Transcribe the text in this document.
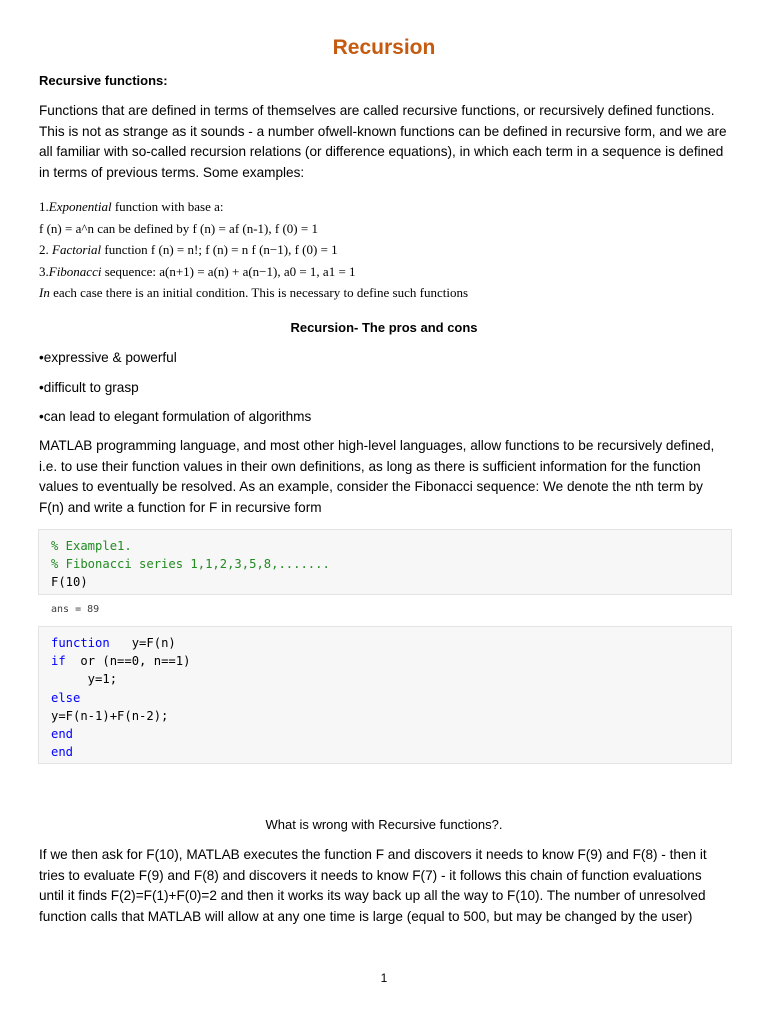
Recursion

Recursive functions:

Functions that are defined in terms of themselves are called recursive functions, or recursively defined functions. This is not as strange as it sounds - a number ofwell-known functions can be defined in recursive form, and we are all familiar with so-called recursion relations (or difference equations), in which each term in a sequence is defined in terms of previous terms. Some examples:

1.Exponential function with base a:
f (n) = a^n can be defined by f (n) = af (n-1), f (0) = 1
2. Factorial function f (n) = n!; f (n) = n f (n−1), f (0) = 1
3.Fibonacci sequence: a(n+1) = a(n) + a(n−1), a0 = 1, a1 = 1
In each case there is an initial condition. This is necessary to define such functions

Recursion- The pros and cons

•expressive & powerful

•difficult to grasp

•can lead to elegant formulation of algorithms

MATLAB programming language, and most other high-level languages, allow functions to be recursively defined, i.e. to use their function values in their own definitions, as long as there is sufficient information for the function values to eventually be resolved. As an example, consider the Fibonacci sequence: We denote the nth term by F(n) and write a function for F in recursive form

% Example1.
% Fibonacci series 1,1,2,3,5,8,.......
F(10)

ans = 89

function   y=F(n)
if  or (n==0, n==1)
y=1;
else
y=F(n-1)+F(n-2);
end
end

What is wrong with Recursive functions?.

If we then ask for F(10), MATLAB executes the function F and discovers it needs to know F(9) and F(8) - then it tries to evaluate F(9) and F(8) and discovers it needs to know F(7) - it follows this chain of function evaluations until it finds F(2)=F(1)+F(0)=2 and then it works its way back up all the way to F(10). The number of unresolved function calls that MATLAB will allow at any one time is large (equal to 500, but may be changed by the user)

1
